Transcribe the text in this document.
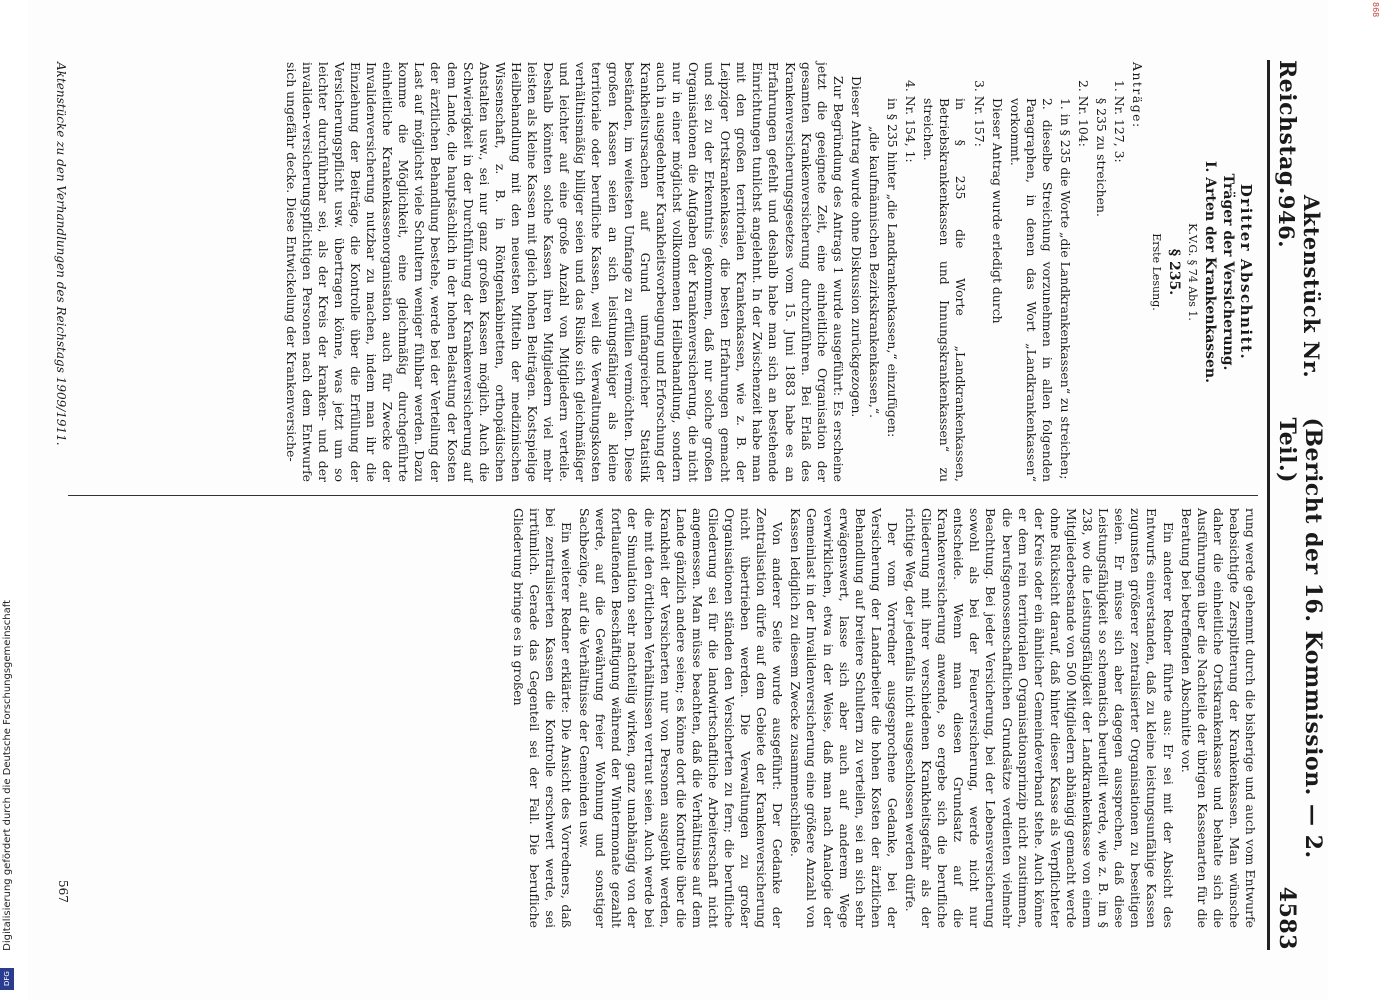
868
Digitalisierung gefördert durch die Deutsche Forschungsgemeinschaft
DFG
Reichstag.
Aktenstück Nr. 946.
(Bericht der 16. Kommission. — 2. Teil.)
4583

Dritter Abschnitt.

Träger der Versicherung.

I. Arten der Krankenkassen.

K.V.G. § 74 Abs 1.

§ 235.

Erste Lesung.

Anträge:

1. Nr. 127, 3:

§ 235 zu streichen.

2. Nr. 104:

1. in § 235 die Worte „die Landkrankenkassen“ zu streichen;

2. dieselbe Streichung vorzunehmen in allen folgenden Paragraphen, in denen das Wort „Landkrankenkassen“ vorkommt.

Dieser Antrag wurde erledigt durch

3. Nr. 157:

in § 235 die Worte „Landkrankenkassen, Betriebskrankenkassen und Innungskrankenkassen“ zu streichen.

4. Nr. 154, 1:

in § 235 hinter „die Landkrankenkassen,“ einzufügen:

„die kaufmännischen Bezirkskrankenkassen,“.

Dieser Antrag wurde ohne Diskussion zurückgezogen.

Zur Begründung des Antrags 1 wurde ausgeführt: Es erscheine jetzt die geeignete Zeit, eine einheitliche Organisation der gesamten Krankenversicherung durchzuführen. Bei Erlaß des Krankenversicherungsgesetzes vom 15. Juni 1883 habe es an Erfahrungen gefehlt und deshalb habe man sich an bestehende Einrichtungen tunlichst angelehnt. In der Zwischenzeit habe man mit den großen territorialen Krankenkassen, wie z. B. der Leipziger Ortskrankenkasse, die besten Erfahrungen gemacht und sei zu der Erkenntnis gekommen, daß nur solche großen Organisationen die Aufgaben der Krankenversicherung, die nicht nur in einer möglichst vollkommenen Heilbehandlung, sondern auch in ausgedehnter Krankheitsvorbeugung und Erforschung der Krankheitsursachen auf Grund umfangreicher Statistik beständen, im weitesten Umfange zu erfüllen vermöchten. Diese großen Kassen seien an sich leistungsfähiger als kleine territoriale oder berufliche Kassen, weil die Verwaltungskosten verhältnismäßig billiger seien und das Risiko sich gleichmäßiger und leichter auf eine große Anzahl von Mitgliedern verteile. Deshalb könnten solche Kassen ihren Mitgliedern viel mehr leisten als kleine Kassen mit gleich hohen Beiträgen. Kostspielige Heilbehandlung mit den neuesten Mitteln der medizinischen Wissenschaft, z. B. in Röntgenkabinetten, orthopädischen Anstalten usw., sei nur ganz großen Kassen möglich. Auch die Schwierigkeit in der Durchführung der Krankenversicherung auf dem Lande, die hauptsächlich in der hohen Belastung der Kosten der ärztlichen Behandlung bestehe, werde bei der Verteilung der Last auf möglichst viele Schultern weniger fühlbar werden. Dazu komme die Möglichkeit, eine gleichmäßig durchgeführte einheitliche Krankenkassenorganisation auch für Zwecke der Invalidenversicherung nutzbar zu machen, indem man ihr die Einziehung der Beiträge, die Kontrolle über die Erfüllung der Versicherungspflicht usw. übertragen könne, was jetzt um so leichter durchführbar sei, als der Kreis der kranken- und der invaliden-versicherungspflichtigen Personen nach dem Entwurfe sich ungefähr decke. Diese Entwickelung der Krankenversiche-

rung werde gehemmt durch die bisherige und auch vom Entwurfe beabsichtigte Zersplitterung der Krankenkassen. Man wünsche daher die einheitliche Ortskrankenkasse und behalte sich die Ausführungen über die Nachteile der übrigen Kassenarten für die Beratung bei betreffenden Abschnitte vor.

Ein anderer Redner führte aus: Er sei mit der Absicht des Entwurfs einverstanden, daß zu kleine leistungsunfähige Kassen zugunsten größerer zentralisierter Organisationen zu beseitigen seien. Er müsse sich aber dagegen aussprechen, daß diese Leistungsfähigkeit so schematisch beurteilt werde, wie z. B. im § 238, wo die Leistungsfähigkeit der Landkrankenkasse von einem Mitgliederbestande von 500 Mitgliedern abhängig gemacht werde ohne Rücksicht darauf, daß hinter dieser Kasse als Verpflichteter der Kreis oder ein ähnlicher Gemeindeverband stehe. Auch könne er dem rein territorialen Organisationsprinzip nicht zustimmen, die berufsgenossenschaftlichen Grundsätze verdienten vielmehr Beachtung. Bei jeder Versicherung, bei der Lebensversicherung sowohl als bei der Feuerversicherung, werde nicht nur entscheide. Wenn man diesen Grundsatz auf die Krankenversicherung anwende, so ergebe sich die berufliche Gliederung mit ihrer verschiedenen Krankheitsgefahr als der richtige Weg, der jedenfalls nicht ausgeschlossen werden dürfe.

Der vom Vorredner ausgesprochene Gedanke, bei der Versicherung der Landarbeiter die hohen Kosten der ärztlichen Behandlung auf breitere Schultern zu verteilen, sei an sich sehr erwägenswert, lasse sich aber auch auf anderem Wege verwirklichen, etwa in der Weise, daß man nach Analogie der Gemeinlast in der Invalidenversicherung eine größere Anzahl von Kassen lediglich zu diesem Zwecke zusammenschließe.

Von anderer Seite wurde ausgeführt: Der Gedanke der Zentralisation dürfe auf dem Gebiete der Krankenversicherung nicht übertrieben werden. Die Verwaltungen zu großer Organisationen ständen den Versicherten zu fern; die berufliche Gliederung sei für die landwirtschaftliche Arbeiterschaft nicht angemessen. Man müsse beachten, daß die Verhältnisse auf dem Lande gänzlich andere seien; es könne dort die Kontrolle über die Krankheit der Versicherten nur von Personen ausgeübt werden, die mit den örtlichen Verhältnissen vertraut seien. Auch werde bei der Simulation sehr nachteilig wirken, ganz unabhängig von der fortlaufenden Beschäftigung während der Wintermonate gezahlt werde, auf die Gewährung freier Wohnung und sonstiger Sachbezüge, auf die Verhältnisse der Gemeinden usw.

Ein weiterer Redner erklärte: Die Ansicht des Vorredners, daß bei zentralisierten Kassen die Kontrolle erschwert werde, sei irrtümlich. Gerade das Gegenteil sei der Fall. Die berufliche Gliederung bringe es in großen

Aktenstücke zu den Verhandlungen des Reichstags 1909/1911.
567
